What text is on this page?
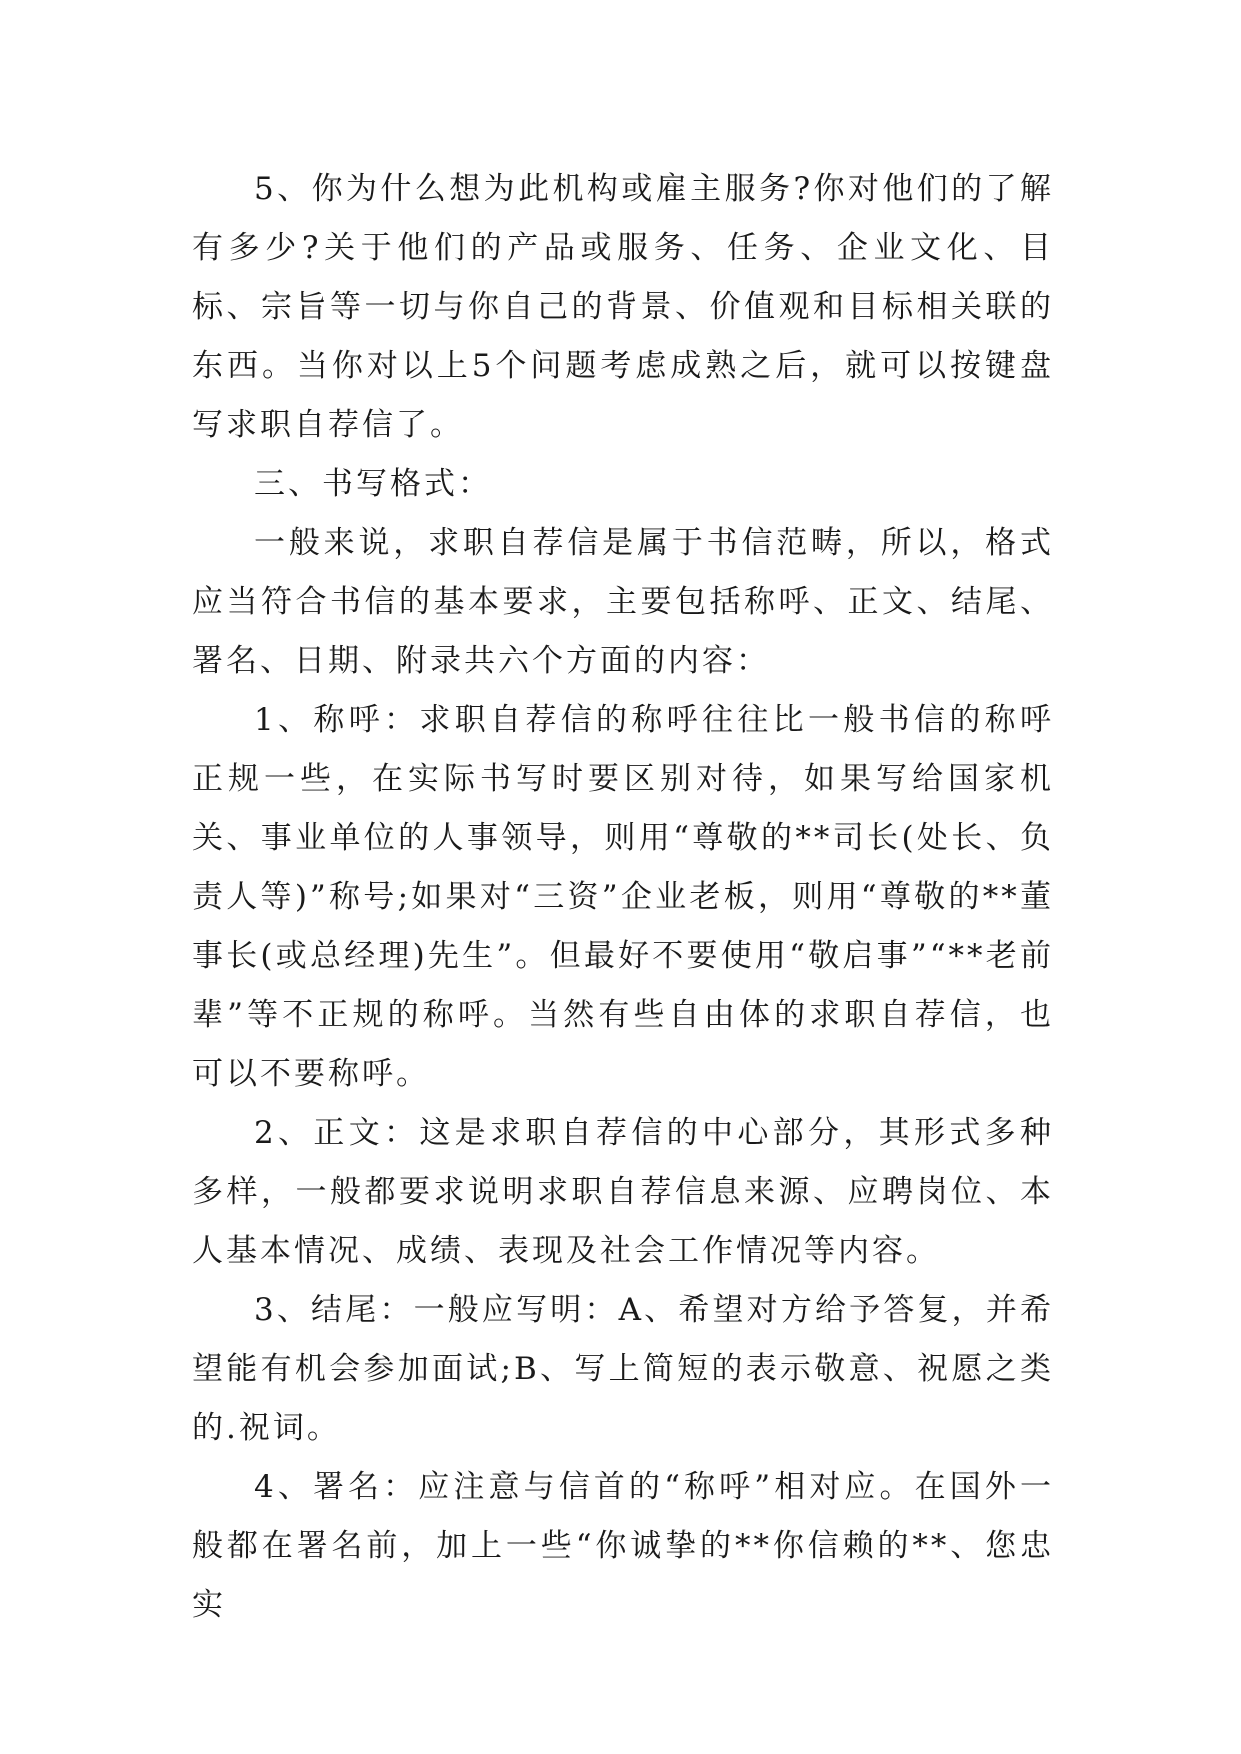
5、你为什么想为此机构或雇主服务?你对他们的了解有多少?关于他们的产品或服务、任务、企业文化、目标、宗旨等一切与你自己的背景、价值观和目标相关联的东西。当你对以上5个问题考虑成熟之后，就可以按键盘写求职自荐信了。

三、书写格式：

一般来说，求职自荐信是属于书信范畴，所以，格式应当符合书信的基本要求，主要包括称呼、正文、结尾、署名、日期、附录共六个方面的内容：

1、称呼：求职自荐信的称呼往往比一般书信的称呼正规一些，在实际书写时要区别对待，如果写给国家机关、事业单位的人事领导，则用“尊敬的**司长(处长、负责人等)”称号;如果对“三资”企业老板，则用“尊敬的**董事长(或总经理)先生”。但最好不要使用“敬启事”“**老前辈”等不正规的称呼。当然有些自由体的求职自荐信，也可以不要称呼。

2、正文：这是求职自荐信的中心部分，其形式多种多样，一般都要求说明求职自荐信息来源、应聘岗位、本人基本情况、成绩、表现及社会工作情况等内容。

3、结尾：一般应写明：A、希望对方给予答复，并希望能有机会参加面试;B、写上简短的表示敬意、祝愿之类的.祝词。

4、署名：应注意与信首的“称呼”相对应。在国外一般都在署名前，加上一些“你诚挚的**你信赖的**、您忠实
